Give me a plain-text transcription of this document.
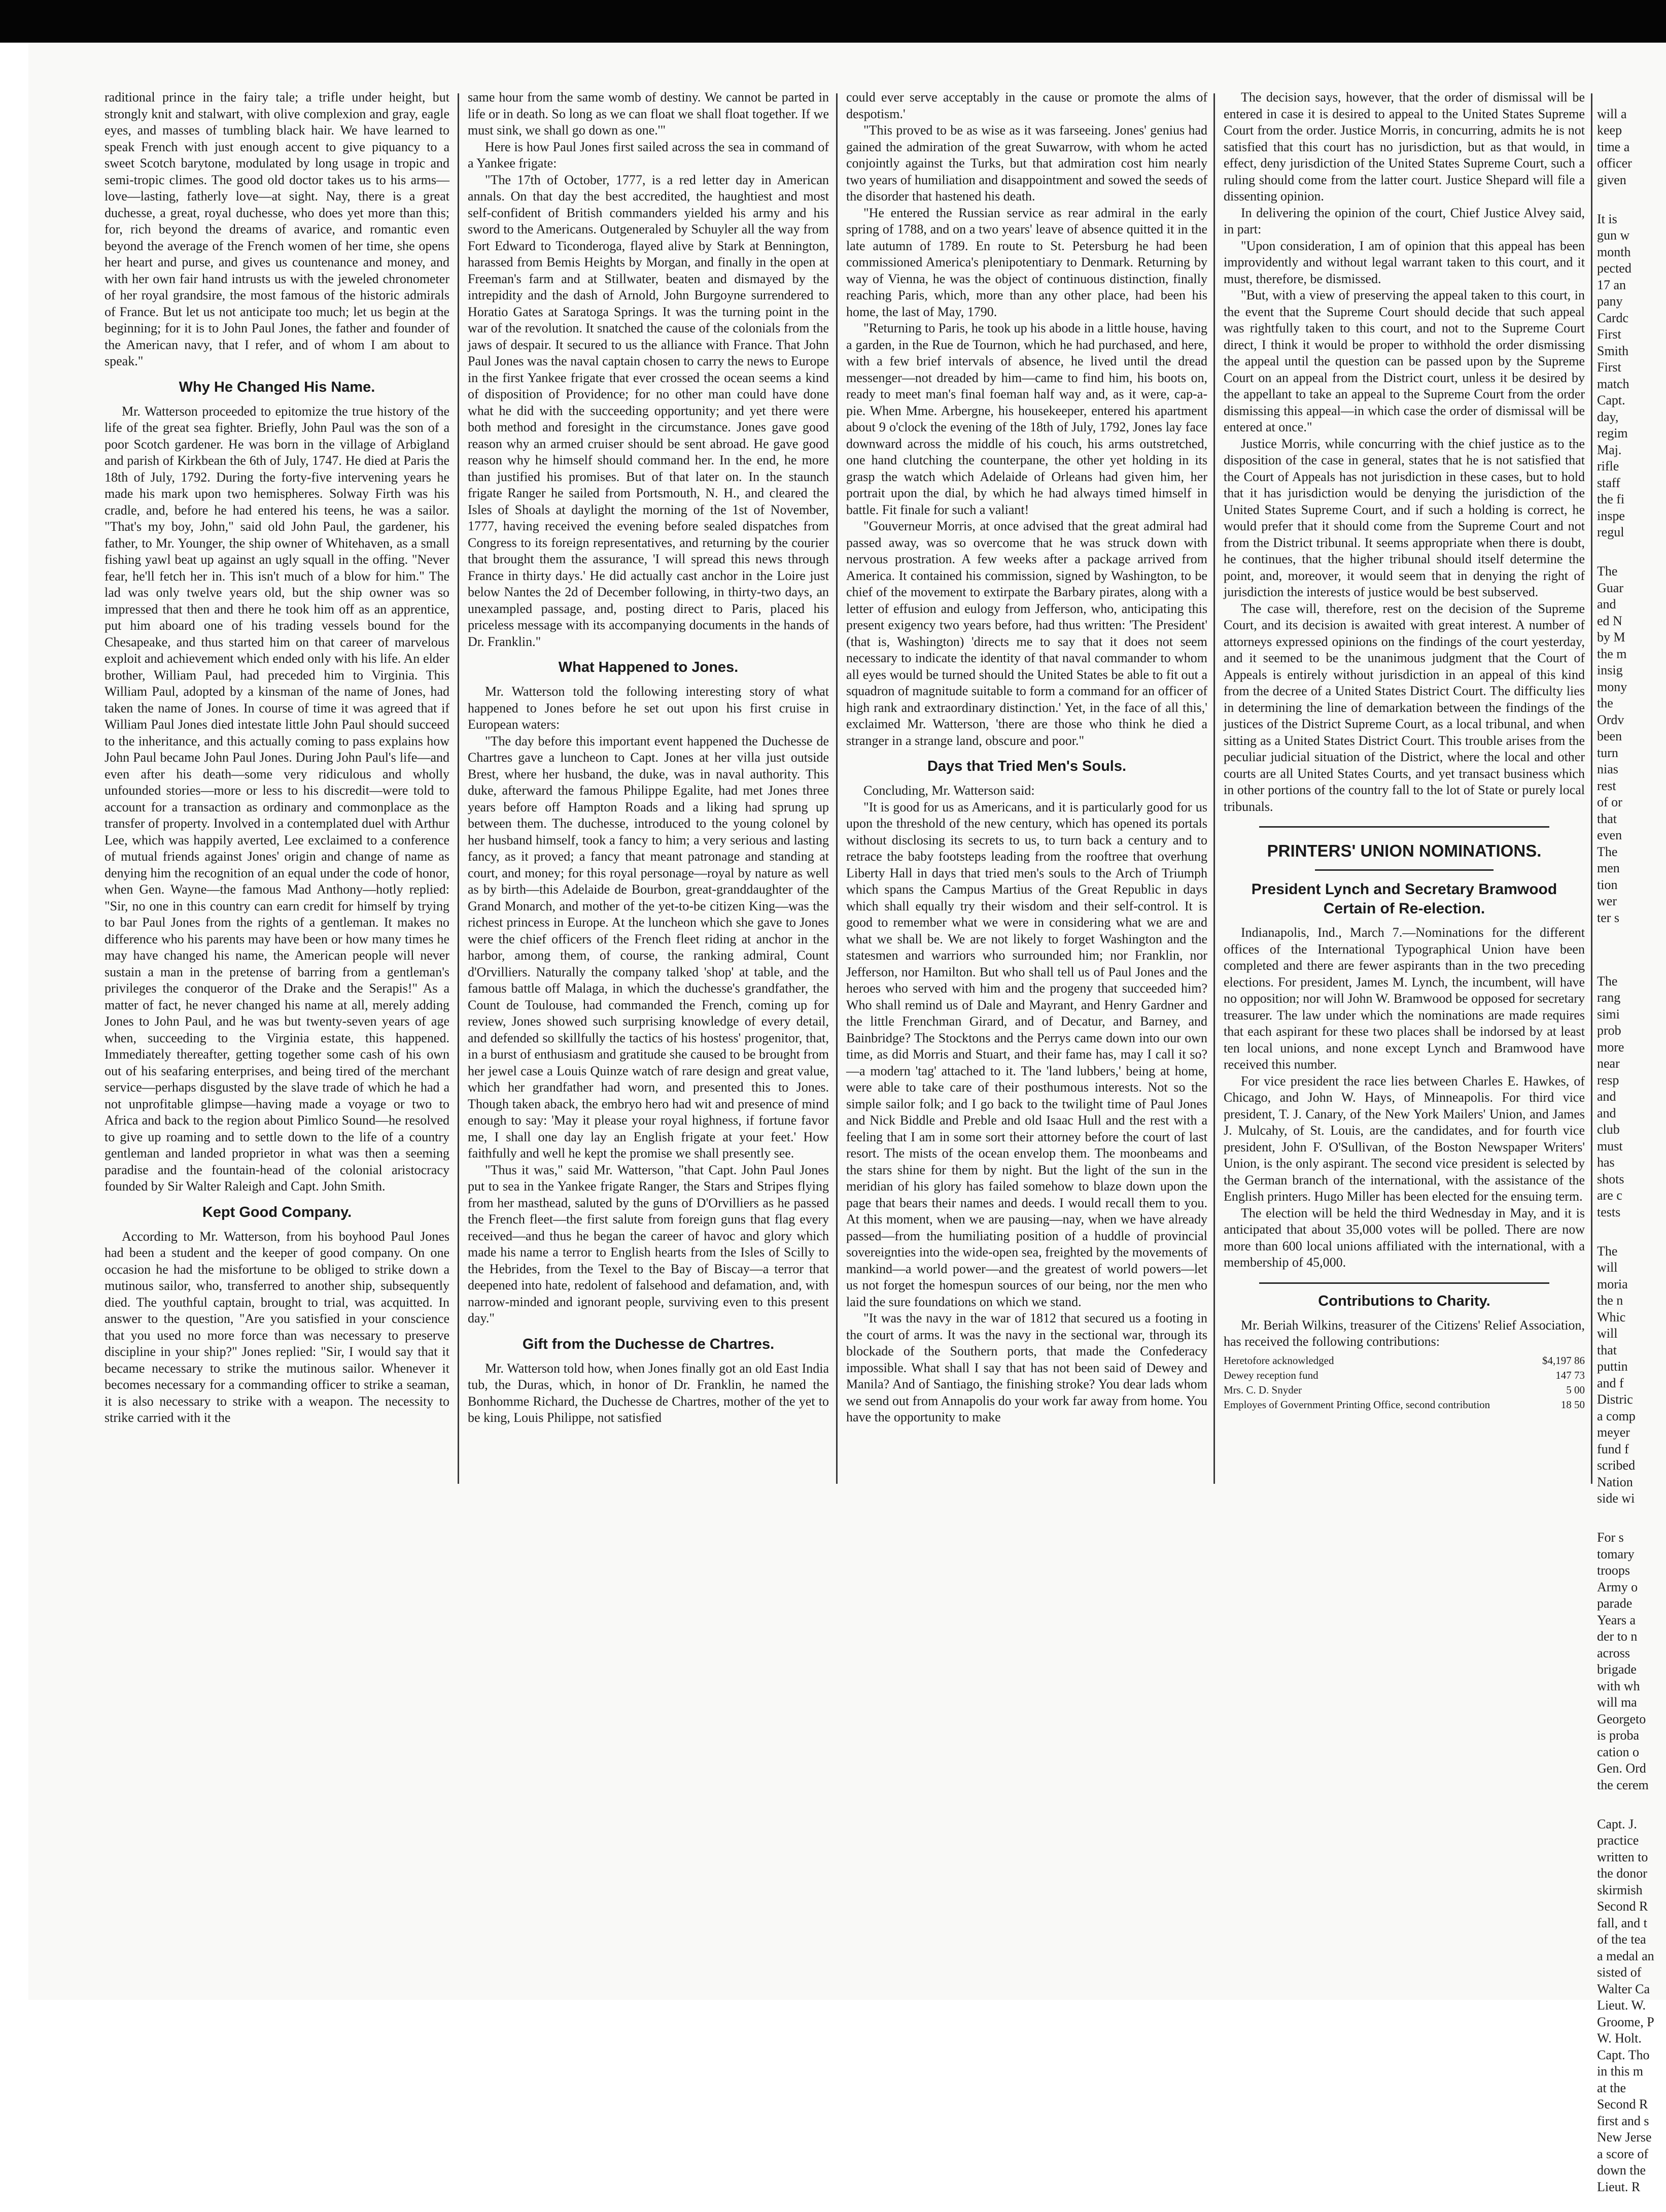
raditional prince in the fairy tale; a trifle under height, but strongly knit and stalwart, with olive complexion and gray, eagle eyes, and masses of tumbling black hair. We have learned to speak French with just enough accent to give piquancy to a sweet Scotch barytone, modulated by long usage in tropic and semi-tropic climes. The good old doctor takes us to his arms—love—lasting, fatherly love—at sight. Nay, there is a great duchesse, a great, royal duchesse, who does yet more than this; for, rich beyond the dreams of avarice, and romantic even beyond the average of the French women of her time, she opens her heart and purse, and gives us countenance and money, and with her own fair hand intrusts us with the jeweled chronometer of her royal grandsire, the most famous of the historic admirals of France. But let us not anticipate too much; let us begin at the beginning; for it is to John Paul Jones, the father and founder of the American navy, that I refer, and of whom I am about to speak."

Why He Changed His Name.

Mr. Watterson proceeded to epitomize the true history of the life of the great sea fighter. Briefly, John Paul was the son of a poor Scotch gardener. He was born in the village of Arbigland and parish of Kirkbean the 6th of July, 1747. He died at Paris the 18th of July, 1792. During the forty-five intervening years he made his mark upon two hemispheres. Solway Firth was his cradle, and, before he had entered his teens, he was a sailor. "That's my boy, John," said old John Paul, the gardener, his father, to Mr. Younger, the ship owner of Whitehaven, as a small fishing yawl beat up against an ugly squall in the offing. "Never fear, he'll fetch her in. This isn't much of a blow for him." The lad was only twelve years old, but the ship owner was so impressed that then and there he took him off as an apprentice, put him aboard one of his trading vessels bound for the Chesapeake, and thus started him on that career of marvelous exploit and achievement which ended only with his life. An elder brother, William Paul, had preceded him to Virginia. This William Paul, adopted by a kinsman of the name of Jones, had taken the name of Jones. In course of time it was agreed that if William Paul Jones died intestate little John Paul should succeed to the inheritance, and this actually coming to pass explains how John Paul became John Paul Jones. During John Paul's life—and even after his death—some very ridiculous and wholly unfounded stories—more or less to his discredit—were told to account for a transaction as ordinary and commonplace as the transfer of property. Involved in a contemplated duel with Arthur Lee, which was happily averted, Lee exclaimed to a conference of mutual friends against Jones' origin and change of name as denying him the recognition of an equal under the code of honor, when Gen. Wayne—the famous Mad Anthony—hotly replied: "Sir, no one in this country can earn credit for himself by trying to bar Paul Jones from the rights of a gentleman. It makes no difference who his parents may have been or how many times he may have changed his name, the American people will never sustain a man in the pretense of barring from a gentleman's privileges the conqueror of the Drake and the Serapis!" As a matter of fact, he never changed his name at all, merely adding Jones to John Paul, and he was but twenty-seven years of age when, succeeding to the Virginia estate, this happened. Immediately thereafter, getting together some cash of his own out of his seafaring enterprises, and being tired of the merchant service—perhaps disgusted by the slave trade of which he had a not unprofitable glimpse—having made a voyage or two to Africa and back to the region about Pimlico Sound—he resolved to give up roaming and to settle down to the life of a country gentleman and landed proprietor in what was then a seeming paradise and the fountain-head of the colonial aristocracy founded by Sir Walter Raleigh and Capt. John Smith.

Kept Good Company.

According to Mr. Watterson, from his boyhood Paul Jones had been a student and the keeper of good company. On one occasion he had the misfortune to be obliged to strike down a mutinous sailor, who, transferred to another ship, subsequently died. The youthful captain, brought to trial, was acquitted. In answer to the question, "Are you satisfied in your conscience that you used no more force than was necessary to preserve discipline in your ship?" Jones replied: "Sir, I would say that it became necessary to strike the mutinous sailor. Whenever it becomes necessary for a commanding officer to strike a seaman, it is also necessary to strike with a weapon. The necessity to strike carried with it the

same hour from the same womb of destiny. We cannot be parted in life or in death. So long as we can float we shall float together. If we must sink, we shall go down as one.'"

Here is how Paul Jones first sailed across the sea in command of a Yankee frigate:

"The 17th of October, 1777, is a red letter day in American annals. On that day the best accredited, the haughtiest and most self-confident of British commanders yielded his army and his sword to the Americans. Outgeneraled by Schuyler all the way from Fort Edward to Ticonderoga, flayed alive by Stark at Bennington, harassed from Bemis Heights by Morgan, and finally in the open at Freeman's farm and at Stillwater, beaten and dismayed by the intrepidity and the dash of Arnold, John Burgoyne surrendered to Horatio Gates at Saratoga Springs. It was the turning point in the war of the revolution. It snatched the cause of the colonials from the jaws of despair. It secured to us the alliance with France. That John Paul Jones was the naval captain chosen to carry the news to Europe in the first Yankee frigate that ever crossed the ocean seems a kind of disposition of Providence; for no other man could have done what he did with the succeeding opportunity; and yet there were both method and foresight in the circumstance. Jones gave good reason why an armed cruiser should be sent abroad. He gave good reason why he himself should command her. In the end, he more than justified his promises. But of that later on. In the staunch frigate Ranger he sailed from Portsmouth, N. H., and cleared the Isles of Shoals at daylight the morning of the 1st of November, 1777, having received the evening before sealed dispatches from Congress to its foreign representatives, and returning by the courier that brought them the assurance, 'I will spread this news through France in thirty days.' He did actually cast anchor in the Loire just below Nantes the 2d of December following, in thirty-two days, an unexampled passage, and, posting direct to Paris, placed his priceless message with its accompanying documents in the hands of Dr. Franklin."

What Happened to Jones.

Mr. Watterson told the following interesting story of what happened to Jones before he set out upon his first cruise in European waters:

"The day before this important event happened the Duchesse de Chartres gave a luncheon to Capt. Jones at her villa just outside Brest, where her husband, the duke, was in naval authority. This duke, afterward the famous Philippe Egalite, had met Jones three years before off Hampton Roads and a liking had sprung up between them. The duchesse, introduced to the young colonel by her husband himself, took a fancy to him; a very serious and lasting fancy, as it proved; a fancy that meant patronage and standing at court, and money; for this royal personage—royal by nature as well as by birth—this Adelaide de Bourbon, great-granddaughter of the Grand Monarch, and mother of the yet-to-be citizen King—was the richest princess in Europe. At the luncheon which she gave to Jones were the chief officers of the French fleet riding at anchor in the harbor, among them, of course, the ranking admiral, Count d'Orvilliers. Naturally the company talked 'shop' at table, and the famous battle off Malaga, in which the duchesse's grandfather, the Count de Toulouse, had commanded the French, coming up for review, Jones showed such surprising knowledge of every detail, and defended so skillfully the tactics of his hostess' progenitor, that, in a burst of enthusiasm and gratitude she caused to be brought from her jewel case a Louis Quinze watch of rare design and great value, which her grandfather had worn, and presented this to Jones. Though taken aback, the embryo hero had wit and presence of mind enough to say: 'May it please your royal highness, if fortune favor me, I shall one day lay an English frigate at your feet.' How faithfully and well he kept the promise we shall presently see.

"Thus it was," said Mr. Watterson, "that Capt. John Paul Jones put to sea in the Yankee frigate Ranger, the Stars and Stripes flying from her masthead, saluted by the guns of D'Orvilliers as he passed the French fleet—the first salute from foreign guns that flag every received—and thus he began the career of havoc and glory which made his name a terror to English hearts from the Isles of Scilly to the Hebrides, from the Texel to the Bay of Biscay—a terror that deepened into hate, redolent of falsehood and defamation, and, with narrow-minded and ignorant people, surviving even to this present day."

Gift from the Duchesse de Chartres.

Mr. Watterson told how, when Jones finally got an old East India tub, the Duras, which, in honor of Dr. Franklin, he named the Bonhomme Richard, the Duchesse de Chartres, mother of the yet to be king, Louis Philippe, not satisfied

could ever serve acceptably in the cause or promote the alms of despotism.'

"This proved to be as wise as it was farseeing. Jones' genius had gained the admiration of the great Suwarrow, with whom he acted conjointly against the Turks, but that admiration cost him nearly two years of humiliation and disappointment and sowed the seeds of the disorder that hastened his death.

"He entered the Russian service as rear admiral in the early spring of 1788, and on a two years' leave of absence quitted it in the late autumn of 1789. En route to St. Petersburg he had been commissioned America's plenipotentiary to Denmark. Returning by way of Vienna, he was the object of continuous distinction, finally reaching Paris, which, more than any other place, had been his home, the last of May, 1790.

"Returning to Paris, he took up his abode in a little house, having a garden, in the Rue de Tournon, which he had purchased, and here, with a few brief intervals of absence, he lived until the dread messenger—not dreaded by him—came to find him, his boots on, ready to meet man's final foeman half way and, as it were, cap-a-pie. When Mme. Arbergne, his housekeeper, entered his apartment about 9 o'clock the evening of the 18th of July, 1792, Jones lay face downward across the middle of his couch, his arms outstretched, one hand clutching the counterpane, the other yet holding in its grasp the watch which Adelaide of Orleans had given him, her portrait upon the dial, by which he had always timed himself in battle. Fit finale for such a valiant!

"Gouverneur Morris, at once advised that the great admiral had passed away, was so overcome that he was struck down with nervous prostration. A few weeks after a package arrived from America. It contained his commission, signed by Washington, to be chief of the movement to extirpate the Barbary pirates, along with a letter of effusion and eulogy from Jefferson, who, anticipating this present exigency two years before, had thus written: 'The President' (that is, Washington) 'directs me to say that it does not seem necessary to indicate the identity of that naval commander to whom all eyes would be turned should the United States be able to fit out a squadron of magnitude suitable to form a command for an officer of high rank and extraordinary distinction.' Yet, in the face of all this,' exclaimed Mr. Watterson, 'there are those who think he died a stranger in a strange land, obscure and poor."

Days that Tried Men's Souls.

Concluding, Mr. Watterson said:

"It is good for us as Americans, and it is particularly good for us upon the threshold of the new century, which has opened its portals without disclosing its secrets to us, to turn back a century and to retrace the baby footsteps leading from the rooftree that overhung Liberty Hall in days that tried men's souls to the Arch of Triumph which spans the Campus Martius of the Great Republic in days which shall equally try their wisdom and their self-control. It is good to remember what we were in considering what we are and what we shall be. We are not likely to forget Washington and the statesmen and warriors who surrounded him; nor Franklin, nor Jefferson, nor Hamilton. But who shall tell us of Paul Jones and the heroes who served with him and the progeny that succeeded him? Who shall remind us of Dale and Mayrant, and Henry Gardner and the little Frenchman Girard, and of Decatur, and Barney, and Bainbridge? The Stocktons and the Perrys came down into our own time, as did Morris and Stuart, and their fame has, may I call it so?—a modern 'tag' attached to it. The 'land lubbers,' being at home, were able to take care of their posthumous interests. Not so the simple sailor folk; and I go back to the twilight time of Paul Jones and Nick Biddle and Preble and old Isaac Hull and the rest with a feeling that I am in some sort their attorney before the court of last resort. The mists of the ocean envelop them. The moonbeams and the stars shine for them by night. But the light of the sun in the meridian of his glory has failed somehow to blaze down upon the page that bears their names and deeds. I would recall them to you. At this moment, when we are pausing—nay, when we have already passed—from the humiliating position of a huddle of provincial sovereignties into the wide-open sea, freighted by the movements of mankind—a world power—and the greatest of world powers—let us not forget the homespun sources of our being, nor the men who laid the sure foundations on which we stand.

"It was the navy in the war of 1812 that secured us a footing in the court of arms. It was the navy in the sectional war, through its blockade of the Southern ports, that made the Confederacy impossible. What shall I say that has not been said of Dewey and Manila? And of Santiago, the finishing stroke? You dear lads whom we send out from Annapolis do your work far away from home. You have the opportunity to make

The decision says, however, that the order of dismissal will be entered in case it is desired to appeal to the United States Supreme Court from the order. Justice Morris, in concurring, admits he is not satisfied that this court has no jurisdiction, but as that would, in effect, deny jurisdiction of the United States Supreme Court, such a ruling should come from the latter court. Justice Shepard will file a dissenting opinion.

In delivering the opinion of the court, Chief Justice Alvey said, in part:

"Upon consideration, I am of opinion that this appeal has been improvidently and without legal warrant taken to this court, and it must, therefore, be dismissed.

"But, with a view of preserving the appeal taken to this court, in the event that the Supreme Court should decide that such appeal was rightfully taken to this court, and not to the Supreme Court direct, I think it would be proper to withhold the order dismissing the appeal until the question can be passed upon by the Supreme Court on an appeal from the District court, unless it be desired by the appellant to take an appeal to the Supreme Court from the order dismissing this appeal—in which case the order of dismissal will be entered at once."

Justice Morris, while concurring with the chief justice as to the disposition of the case in general, states that he is not satisfied that the Court of Appeals has not jurisdiction in these cases, but to hold that it has jurisdiction would be denying the jurisdiction of the United States Supreme Court, and if such a holding is correct, he would prefer that it should come from the Supreme Court and not from the District tribunal. It seems appropriate when there is doubt, he continues, that the higher tribunal should itself determine the point, and, moreover, it would seem that in denying the right of jurisdiction the interests of justice would be best subserved.

The case will, therefore, rest on the decision of the Supreme Court, and its decision is awaited with great interest. A number of attorneys expressed opinions on the findings of the court yesterday, and it seemed to be the unanimous judgment that the Court of Appeals is entirely without jurisdiction in an appeal of this kind from the decree of a United States District Court. The difficulty lies in determining the line of demarkation between the findings of the justices of the District Supreme Court, as a local tribunal, and when sitting as a United States District Court. This trouble arises from the peculiar judicial situation of the District, where the local and other courts are all United States Courts, and yet transact business which in other portions of the country fall to the lot of State or purely local tribunals.

PRINTERS' UNION NOMINATIONS.
President Lynch and Secretary Bramwood Certain of Re-election.

Indianapolis, Ind., March 7.—Nominations for the different offices of the International Typographical Union have been completed and there are fewer aspirants than in the two preceding elections. For president, James M. Lynch, the incumbent, will have no opposition; nor will John W. Bramwood be opposed for secretary treasurer. The law under which the nominations are made requires that each aspirant for these two places shall be indorsed by at least ten local unions, and none except Lynch and Bramwood have received this number.

For vice president the race lies between Charles E. Hawkes, of Chicago, and John W. Hays, of Minneapolis. For third vice president, T. J. Canary, of the New York Mailers' Union, and James J. Mulcahy, of St. Louis, are the candidates, and for fourth vice president, John F. O'Sullivan, of the Boston Newspaper Writers' Union, is the only aspirant. The second vice president is selected by the German branch of the international, with the assistance of the English printers. Hugo Miller has been elected for the ensuing term.

The election will be held the third Wednesday in May, and it is anticipated that about 35,000 votes will be polled. There are now more than 600 local unions affiliated with the international, with a membership of 45,000.

Contributions to Charity.

Mr. Beriah Wilkins, treasurer of the Citizens' Relief Association, has received the following contributions:

Heretofore acknowledged	$4,197 86
Dewey reception fund	147 73
Mrs. C. D. Snyder	5 00
Employes of Government Printing Office, second contribution	18 50

will a
keep
time a
officer
given

It is
gun w
month
pected
17 an
pany
Cardc
First
Smith
First
match
Capt.
day,
regim
Maj.
rifle
staff
the fi
inspe
regul

The
Guar
and
ed N
by M
the m
insig
mony
the
Ordv
been
turn
nias
rest
of or
that
even
The
men
tion
wer
ter s

The
rang
simi
prob
more
near
resp
and
and
club
must
has
shots
are c
tests

The
will
moria
the n
Whic
will
that
puttin
and f
Distric
a comp
meyer
fund f
scribed
Nation
side wi

For s
tomary
troops
Army o
parade
Years a
der to n
across
brigade
with wh
will ma
Georgeto
is proba
cation o
Gen. Ord
the cerem

Capt. J.
practice
written to
the donor
skirmish
Second R
fall, and t
of the tea
a medal an
sisted of
Walter Ca
Lieut. W.
Groome, P
W. Holt.
Capt. Tho
in this m
at the
Second R
first and s
New Jerse
a score of
down the
Lieut. R
